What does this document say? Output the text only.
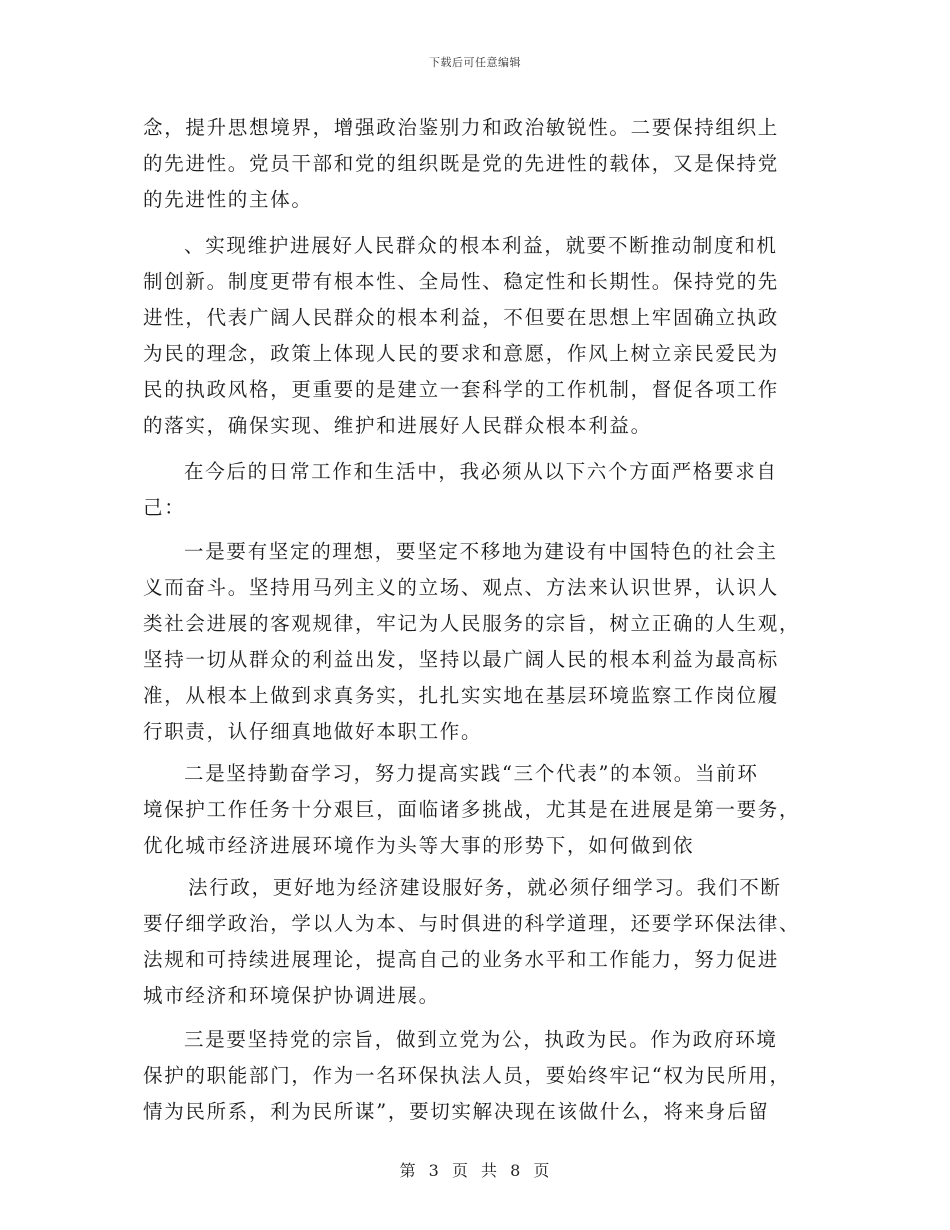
下载后可任意编辑
念，提升思想境界，增强政治鉴别力和政治敏锐性。二要保持组织上
的先进性。党员干部和党的组织既是党的先进性的载体，又是保持党
的先进性的主体。
、实现维护进展好人民群众的根本利益，就要不断推动制度和机
制创新。制度更带有根本性、全局性、稳定性和长期性。保持党的先
进性，代表广阔人民群众的根本利益，不但要在思想上牢固确立执政
为民的理念，政策上体现人民的要求和意愿，作风上树立亲民爱民为
民的执政风格，更重要的是建立一套科学的工作机制，督促各项工作
的落实，确保实现、维护和进展好人民群众根本利益。
在今后的日常工作和生活中，我必须从以下六个方面严格要求自
己：
一是要有坚定的理想，要坚定不移地为建设有中国特色的社会主
义而奋斗。坚持用马列主义的立场、观点、方法来认识世界，认识人
类社会进展的客观规律，牢记为人民服务的宗旨，树立正确的人生观，
坚持一切从群众的利益出发，坚持以最广阔人民的根本利益为最高标
准，从根本上做到求真务实，扎扎实实地在基层环境监察工作岗位履
行职责，认仔细真地做好本职工作。
二是坚持勤奋学习，努力提高实践“三个代表”的本领。当前环
境保护工作任务十分艰巨，面临诸多挑战，尤其是在进展是第一要务，
优化城市经济进展环境作为头等大事的形势下，如何做到依
法行政，更好地为经济建设服好务，就必须仔细学习。我们不断
要仔细学政治，学以人为本、与时俱进的科学道理，还要学环保法律、
法规和可持续进展理论，提高自己的业务水平和工作能力，努力促进
城市经济和环境保护协调进展。
三是要坚持党的宗旨，做到立党为公，执政为民。作为政府环境
保护的职能部门，作为一名环保执法人员，要始终牢记“权为民所用，
情为民所系，利为民所谋”，要切实解决现在该做什么，将来身后留
第 3 页 共 8 页
